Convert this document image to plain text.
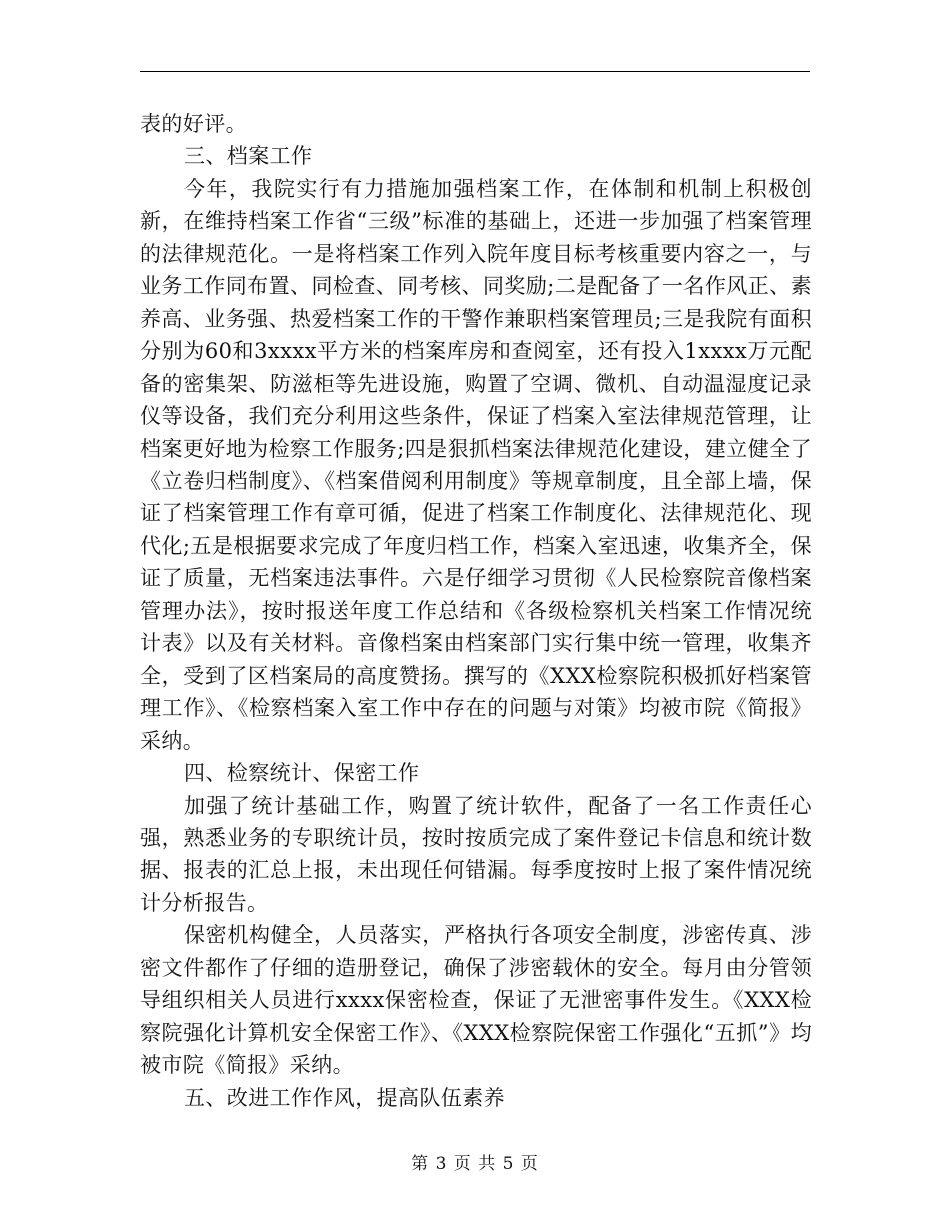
表的好评。

三、档案工作

今年，我院实行有力措施加强档案工作，在体制和机制上积极创新，在维持档案工作省“三级”标准的基础上，还进一步加强了档案管理的法律规范化。一是将档案工作列入院年度目标考核重要内容之一，与业务工作同布置、同检查、同考核、同奖励;二是配备了一名作风正、素养高、业务强、热爱档案工作的干警作兼职档案管理员;三是我院有面积分别为60和3xxxx平方米的档案库房和查阅室，还有投入1xxxx万元配备的密集架、防滋柜等先进设施，购置了空调、微机、自动温湿度记录仪等设备，我们充分利用这些条件，保证了档案入室法律规范管理，让档案更好地为检察工作服务;四是狠抓档案法律规范化建设，建立健全了《立卷归档制度》、《档案借阅利用制度》等规章制度，且全部上墙，保证了档案管理工作有章可循，促进了档案工作制度化、法律规范化、现代化;五是根据要求完成了年度归档工作，档案入室迅速，收集齐全，保证了质量，无档案违法事件。六是仔细学习贯彻《人民检察院音像档案管理办法》，按时报送年度工作总结和《各级检察机关档案工作情况统计表》以及有关材料。音像档案由档案部门实行集中统一管理，收集齐全，受到了区档案局的高度赞扬。撰写的《XXX检察院积极抓好档案管理工作》、《检察档案入室工作中存在的问题与对策》均被市院《简报》采纳。

四、检察统计、保密工作

加强了统计基础工作，购置了统计软件，配备了一名工作责任心强，熟悉业务的专职统计员，按时按质完成了案件登记卡信息和统计数据、报表的汇总上报，未出现任何错漏。每季度按时上报了案件情况统计分析报告。

保密机构健全，人员落实，严格执行各项安全制度，涉密传真、涉密文件都作了仔细的造册登记，确保了涉密载休的安全。每月由分管领导组织相关人员进行xxxx保密检查，保证了无泄密事件发生。《XXX检察院强化计算机安全保密工作》、《XXX检察院保密工作强化“五抓”》均被市院《简报》采纳。

五、改进工作作风，提高队伍素养

第 3 页 共 5 页
